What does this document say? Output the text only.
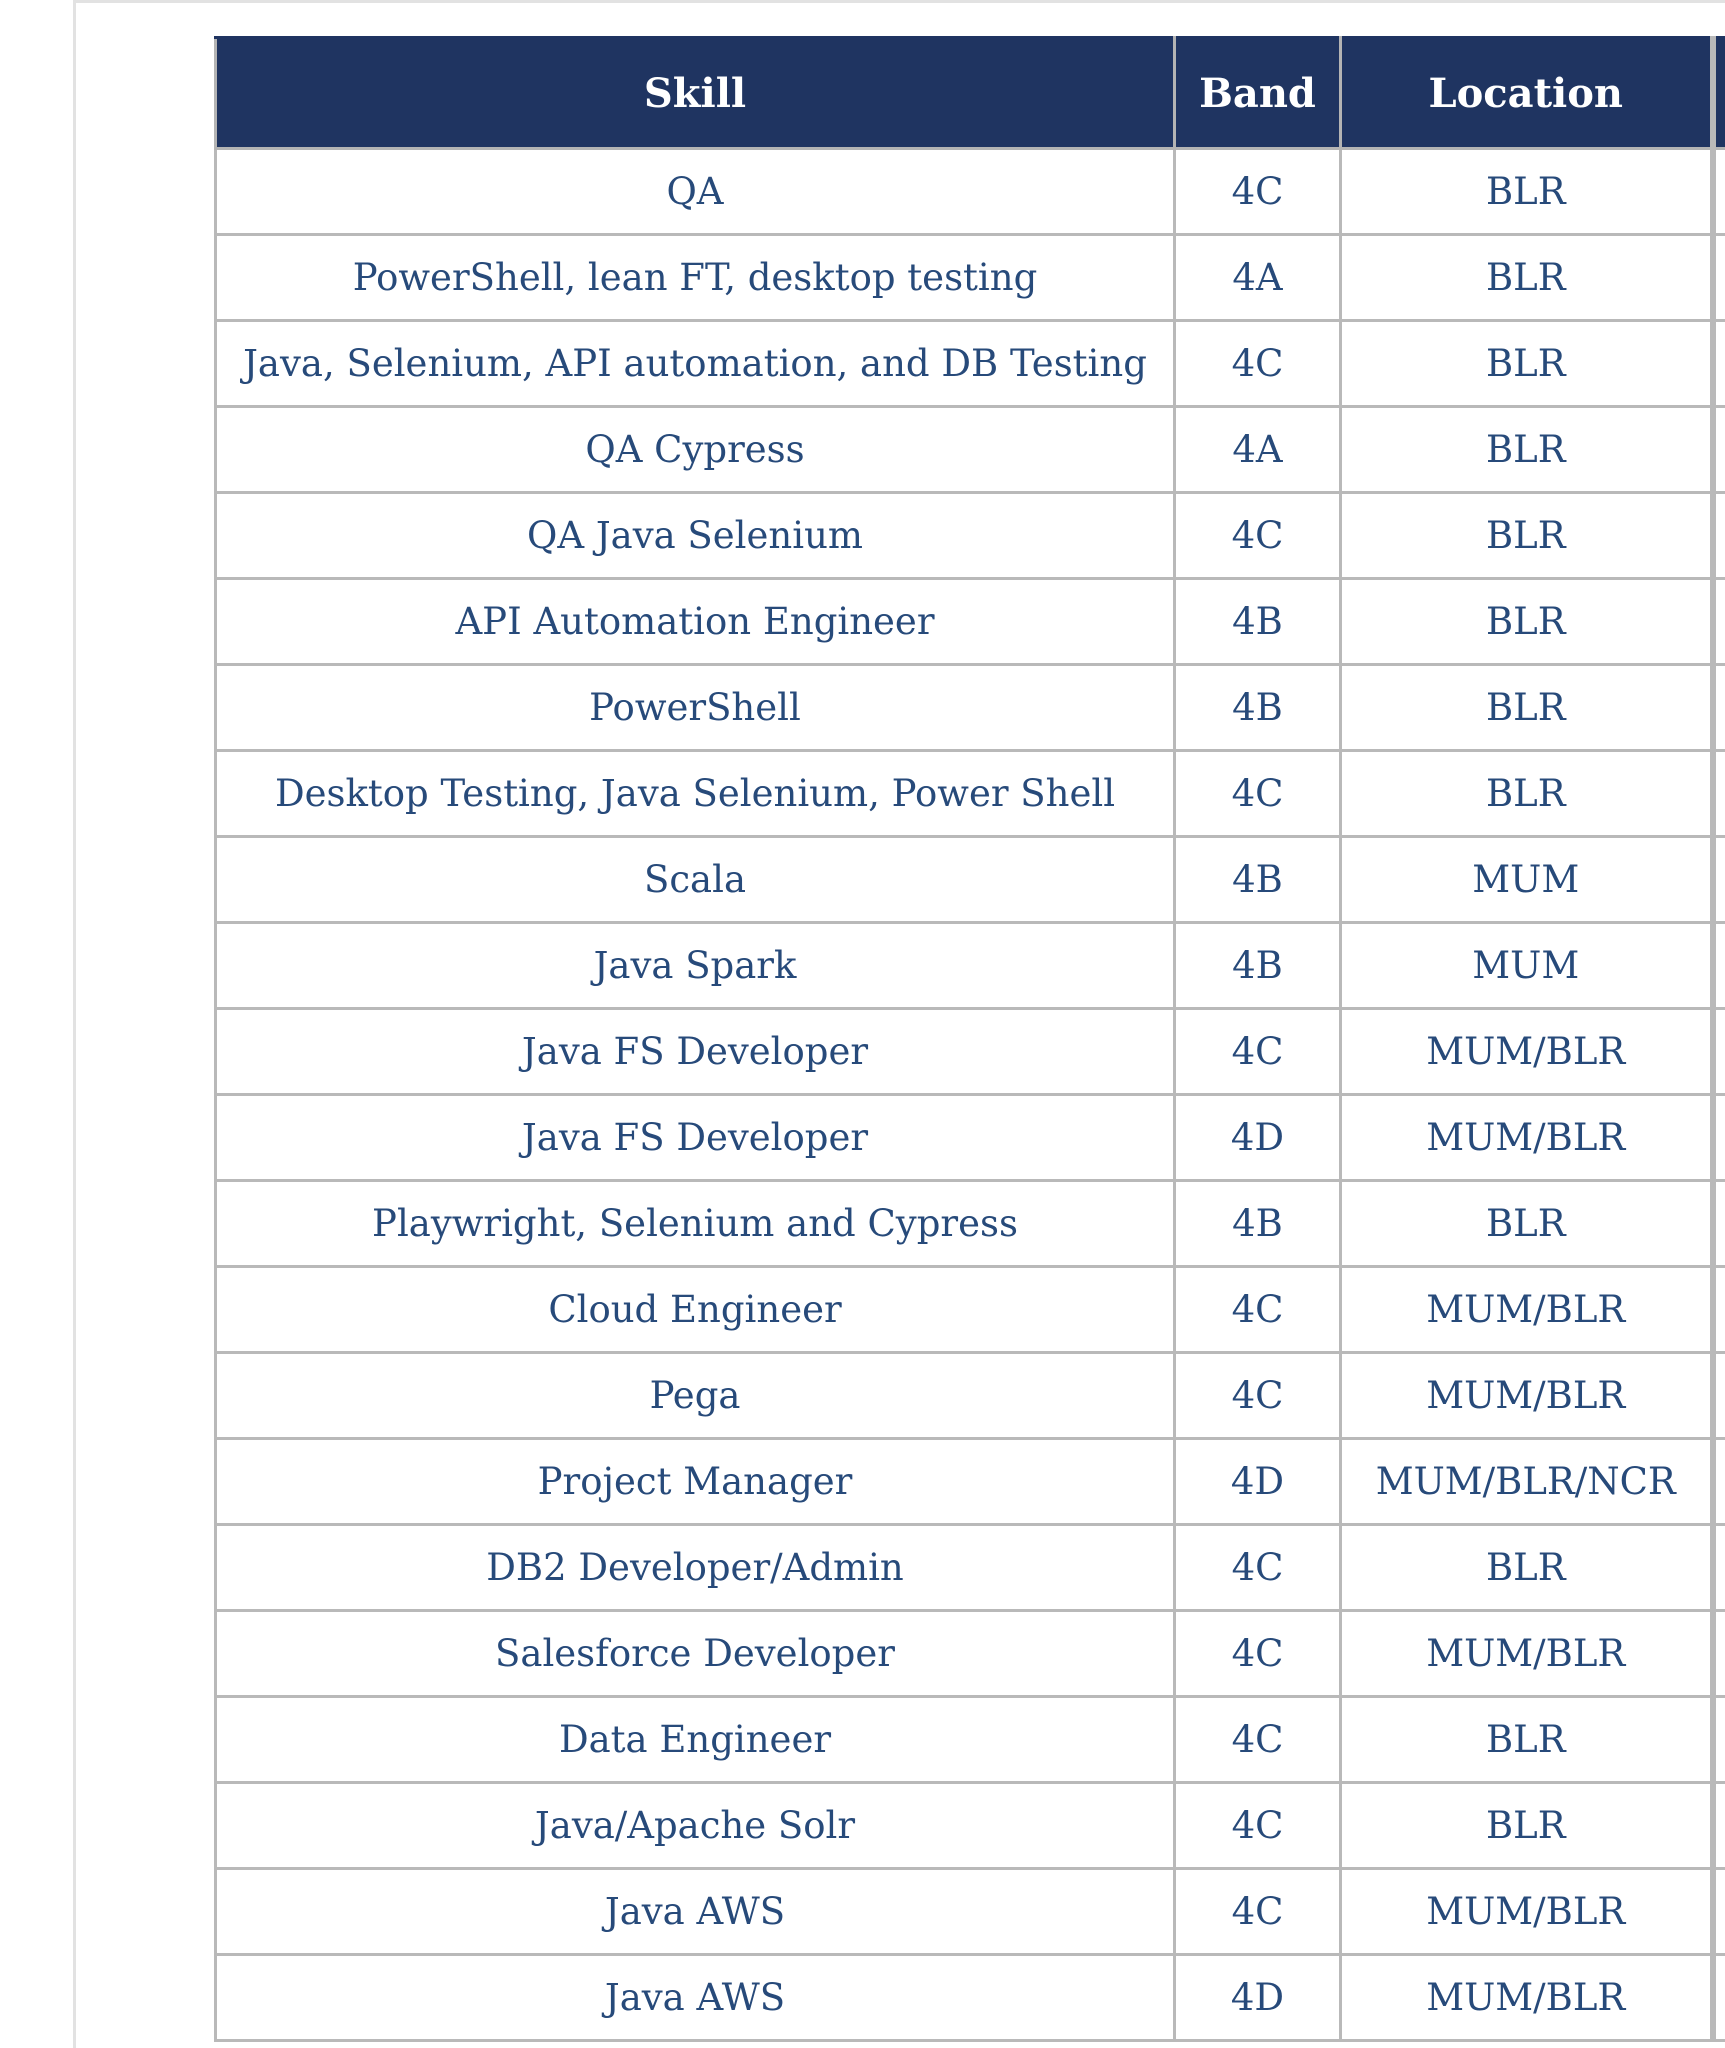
Skill	Band	Location	
QA	4C	BLR	
PowerShell, lean FT, desktop testing	4A	BLR	
Java, Selenium, API automation, and DB Testing	4C	BLR	
QA Cypress	4A	BLR	
QA Java Selenium	4C	BLR	
API Automation Engineer	4B	BLR	
PowerShell	4B	BLR	
Desktop Testing, Java Selenium, Power Shell	4C	BLR	
Scala	4B	MUM	
Java Spark	4B	MUM	
Java FS Developer	4C	MUM/BLR	
Java FS Developer	4D	MUM/BLR	
Playwright, Selenium and Cypress	4B	BLR	
Cloud Engineer	4C	MUM/BLR	
Pega	4C	MUM/BLR	
Project Manager	4D	MUM/BLR/NCR	
DB2 Developer/Admin	4C	BLR	
Salesforce Developer	4C	MUM/BLR	
Data Engineer	4C	BLR	
Java/Apache Solr	4C	BLR	
Java AWS	4C	MUM/BLR	
Java AWS	4D	MUM/BLR	
